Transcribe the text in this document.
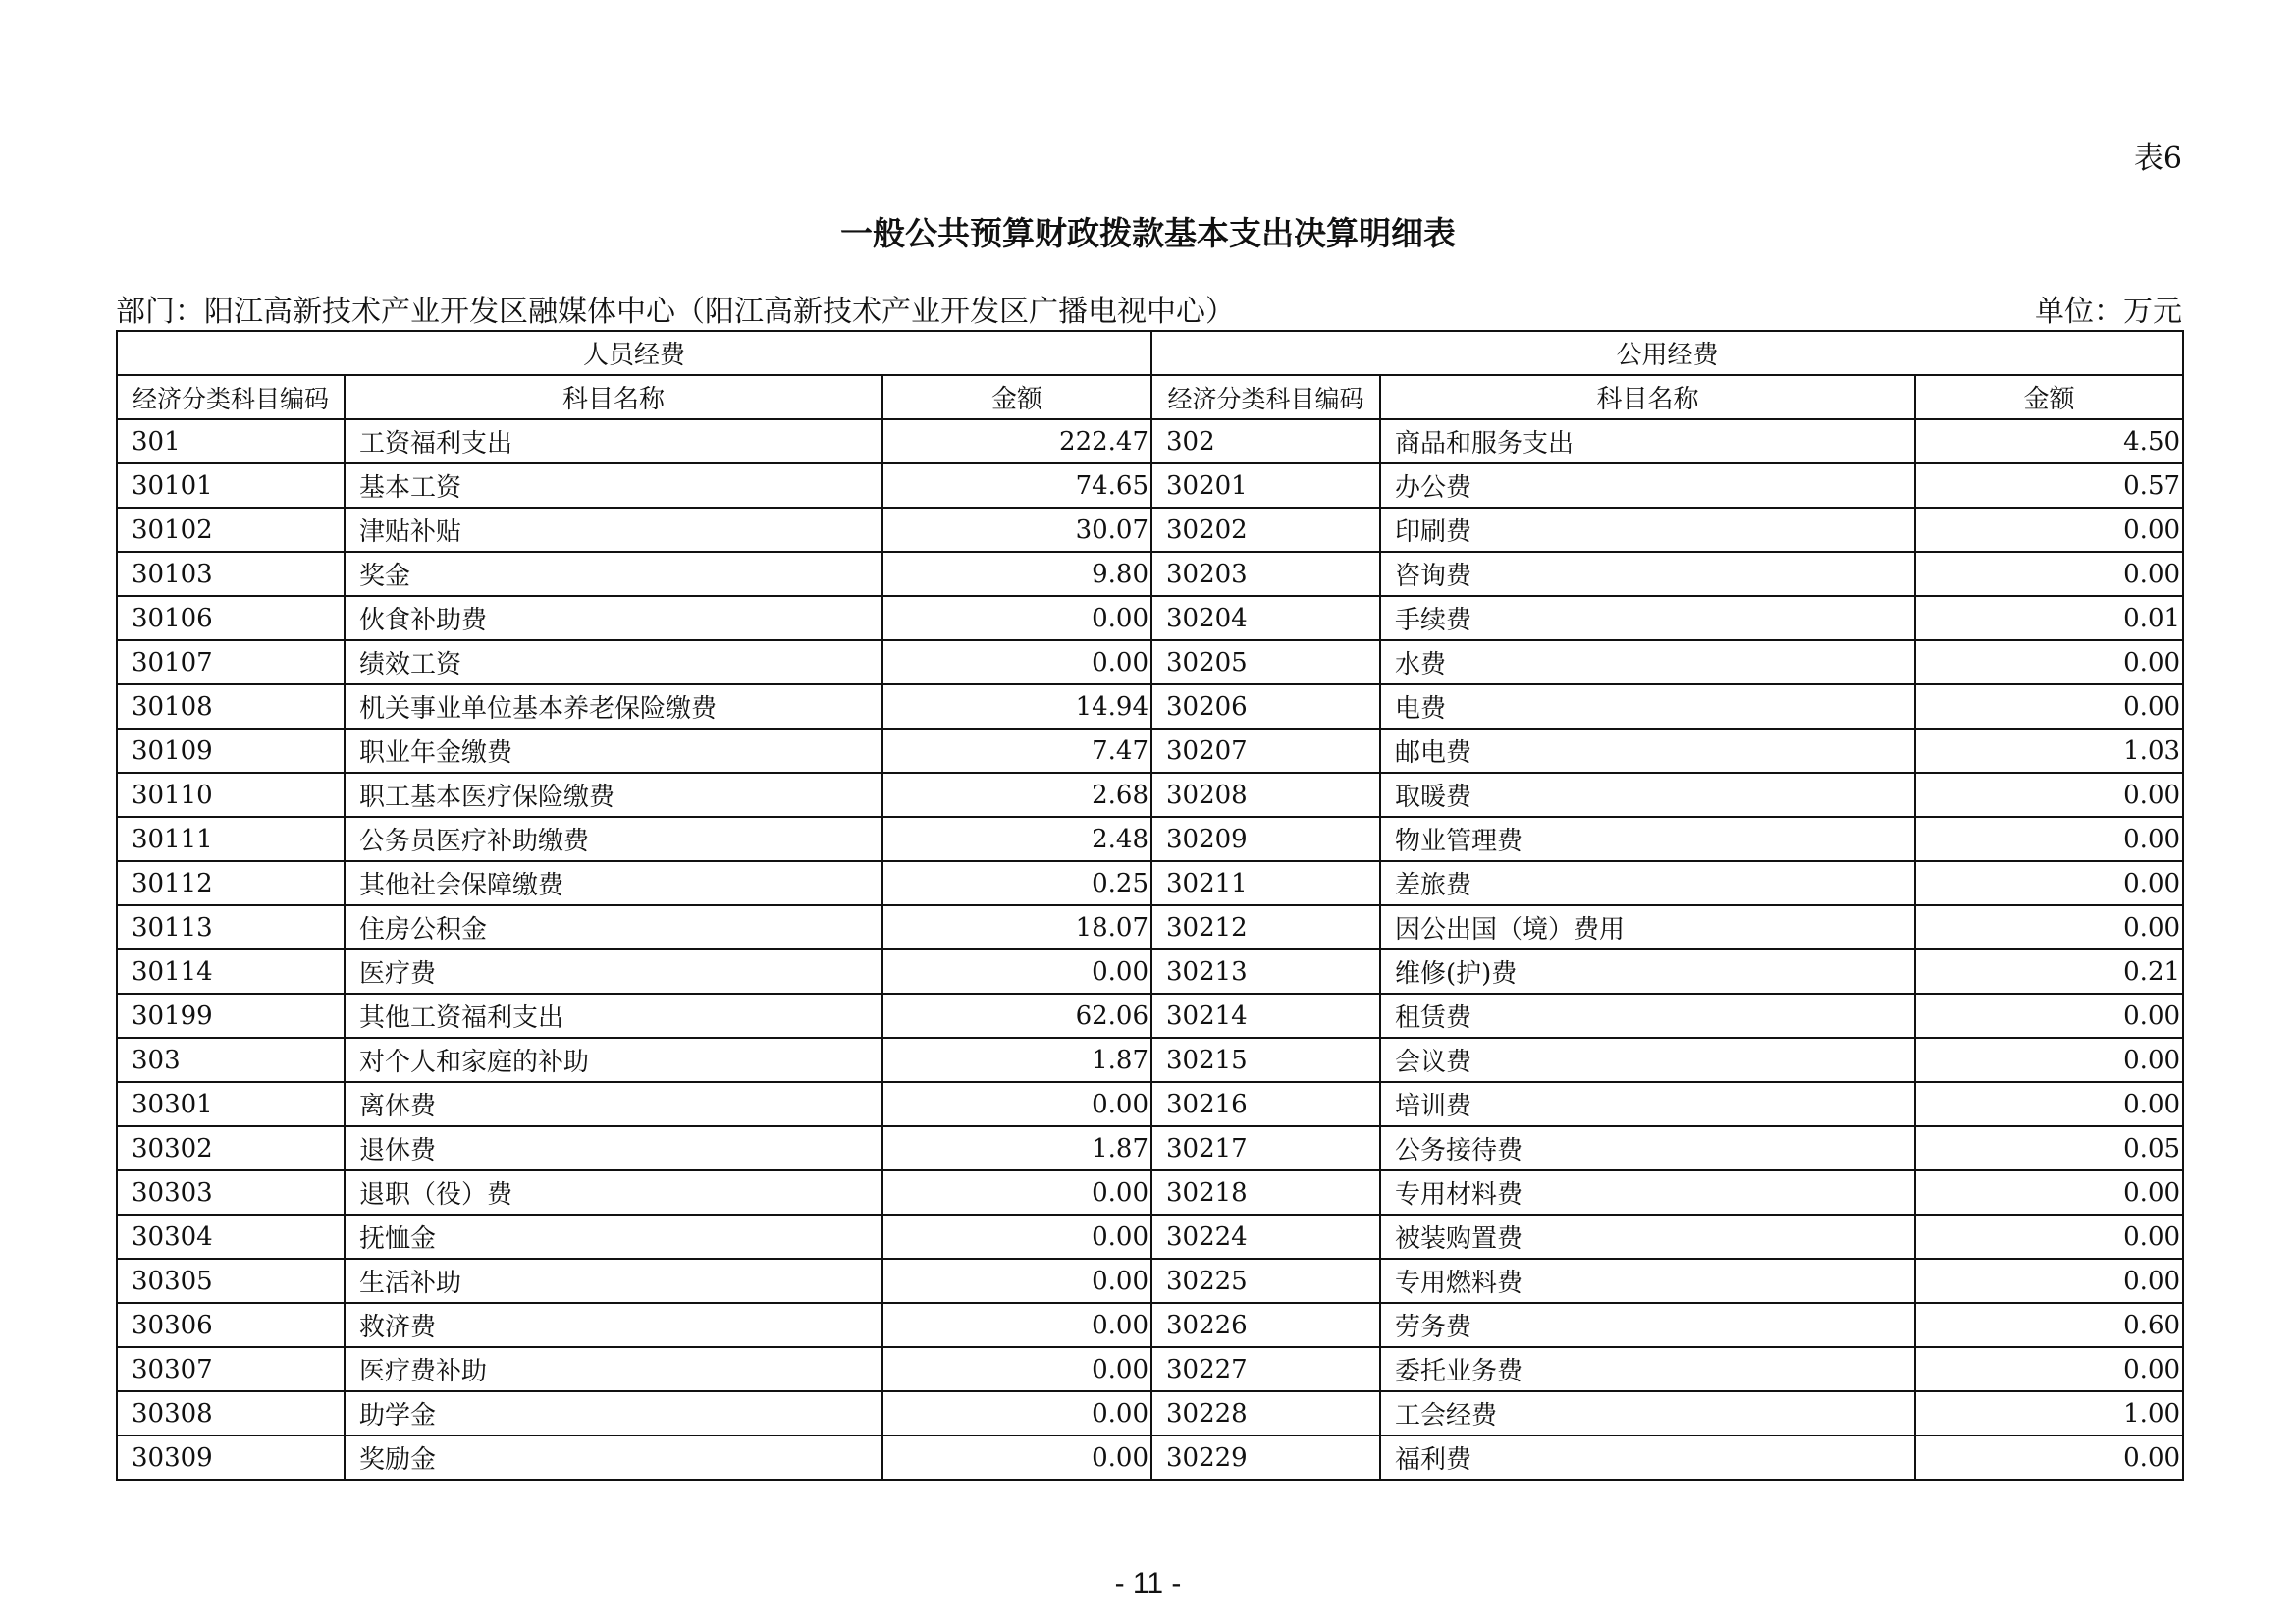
表6
一般公共预算财政拨款基本支出决算明细表
部门：阳江高新技术产业开发区融媒体中心（阳江高新技术产业开发区广播电视中心）	单位：万元
人员经费			公用经费		
经济分类科目编码	科目名称	金额	经济分类科目编码	科目名称	金额
301	工资福利支出	222.47	302	商品和服务支出	4.50
30101	基本工资	74.65	30201	办公费	0.57
30102	津贴补贴	30.07	30202	印刷费	0.00
30103	奖金	9.80	30203	咨询费	0.00
30106	伙食补助费	0.00	30204	手续费	0.01
30107	绩效工资	0.00	30205	水费	0.00
30108	机关事业单位基本养老保险缴费	14.94	30206	电费	0.00
30109	职业年金缴费	7.47	30207	邮电费	1.03
30110	职工基本医疗保险缴费	2.68	30208	取暖费	0.00
30111	公务员医疗补助缴费	2.48	30209	物业管理费	0.00
30112	其他社会保障缴费	0.25	30211	差旅费	0.00
30113	住房公积金	18.07	30212	因公出国（境）费用	0.00
30114	医疗费	0.00	30213	维修(护)费	0.21
30199	其他工资福利支出	62.06	30214	租赁费	0.00
303	对个人和家庭的补助	1.87	30215	会议费	0.00
30301	离休费	0.00	30216	培训费	0.00
30302	退休费	1.87	30217	公务接待费	0.05
30303	退职（役）费	0.00	30218	专用材料费	0.00
30304	抚恤金	0.00	30224	被装购置费	0.00
30305	生活补助	0.00	30225	专用燃料费	0.00
30306	救济费	0.00	30226	劳务费	0.60
30307	医疗费补助	0.00	30227	委托业务费	0.00
30308	助学金	0.00	30228	工会经费	1.00
30309	奖励金	0.00	30229	福利费	0.00
- 11 -
